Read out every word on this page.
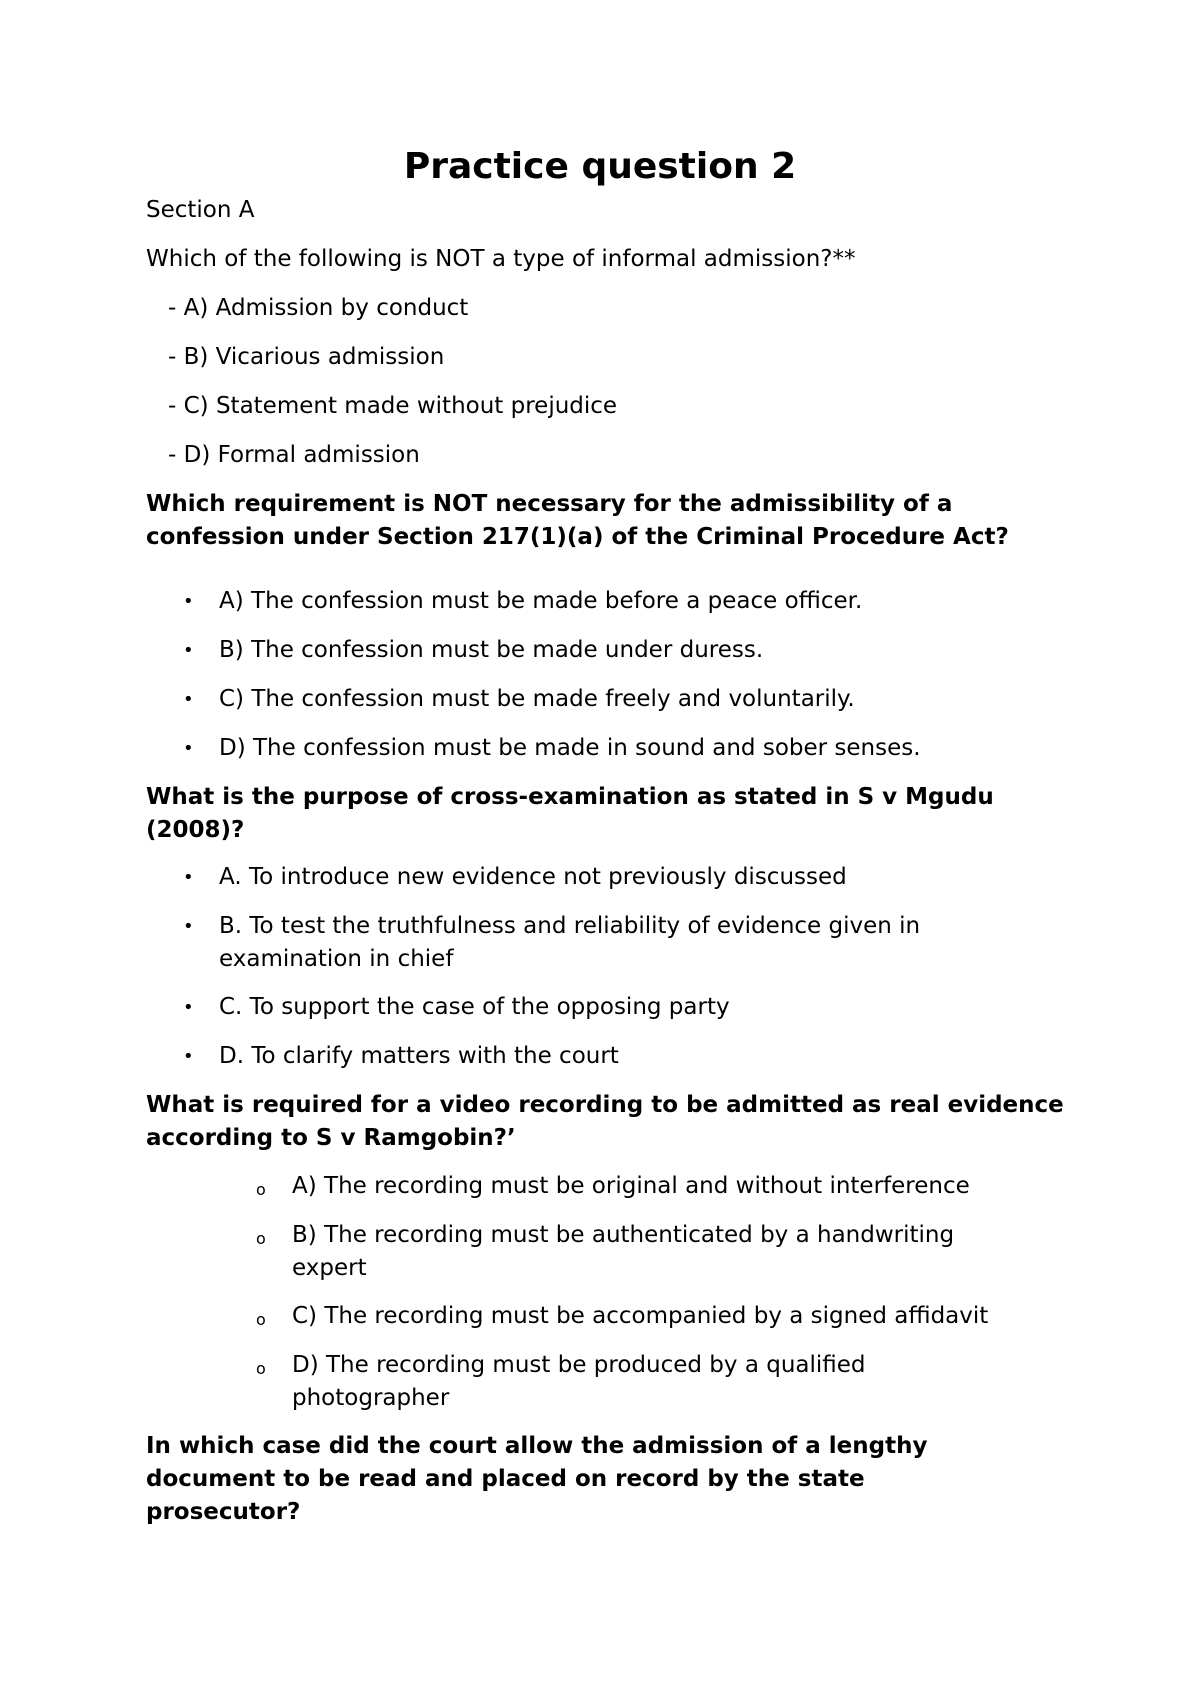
Practice question 2
Section A
Which of the following is NOT a type of informal admission?**
- A) Admission by conduct
- B) Vicarious admission
- C) Statement made without prejudice
- D) Formal admission

Which requirement is NOT necessary for the admissibility of a confession under Section 217(1)(a) of the Criminal Procedure Act?

• A) The confession must be made before a peace officer.
• B) The confession must be made under duress.
• C) The confession must be made freely and voluntarily.
• D) The confession must be made in sound and sober senses.

What is the purpose of cross-examination as stated in S v Mgudu (2008)?

• A. To introduce new evidence not previously discussed
• B. To test the truthfulness and reliability of evidence given in examination in chief
• C. To support the case of the opposing party
• D. To clarify matters with the court

What is required for a video recording to be admitted as real evidence according to S v Ramgobin?’

o A) The recording must be original and without interference
o B) The recording must be authenticated by a handwriting expert
o C) The recording must be accompanied by a signed affidavit
o D) The recording must be produced by a qualified photographer

In which case did the court allow the admission of a lengthy document to be read and placed on record by the state prosecutor?
